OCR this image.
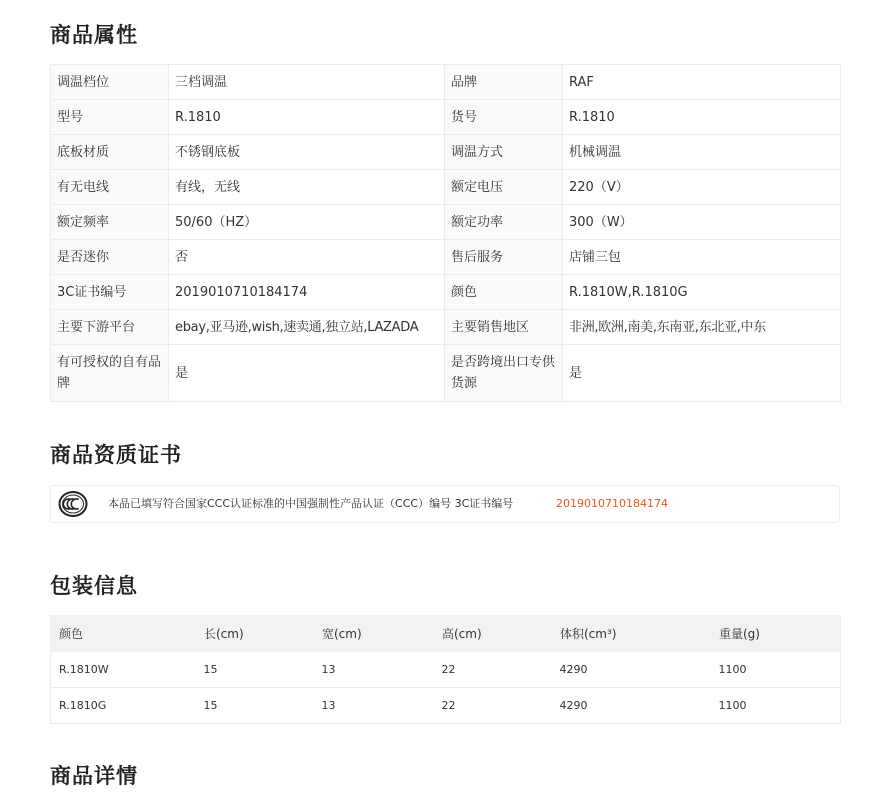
商品属性
调温档位	三档调温	品牌	RAF
型号	R.1810	货号	R.1810
底板材质	不锈钢底板	调温方式	机械调温
有无电线	有线，无线	额定电压	220（V）
额定频率	50/60（HZ）	额定功率	300（W）
是否迷你	否	售后服务	店铺三包
3C证书编号	2019010710184174	颜色	R.1810W,R.1810G
主要下游平台	ebay,亚马逊,wish,速卖通,独立站,LAZADA	主要销售地区	非洲,欧洲,南美,东南亚,东北亚,中东
有可授权的自有品牌	是	是否跨境出口专供货源	是
商品资质证书
本品已填写符合国家CCC认证标准的中国强制性产品认证（CCC）编号 3C证书编号	2019010710184174
包装信息
颜色	长(cm)	宽(cm)	高(cm)	体积(cm³)	重量(g)
R.1810W	15	13	22	4290	1100
R.1810G	15	13	22	4290	1100
商品详情
